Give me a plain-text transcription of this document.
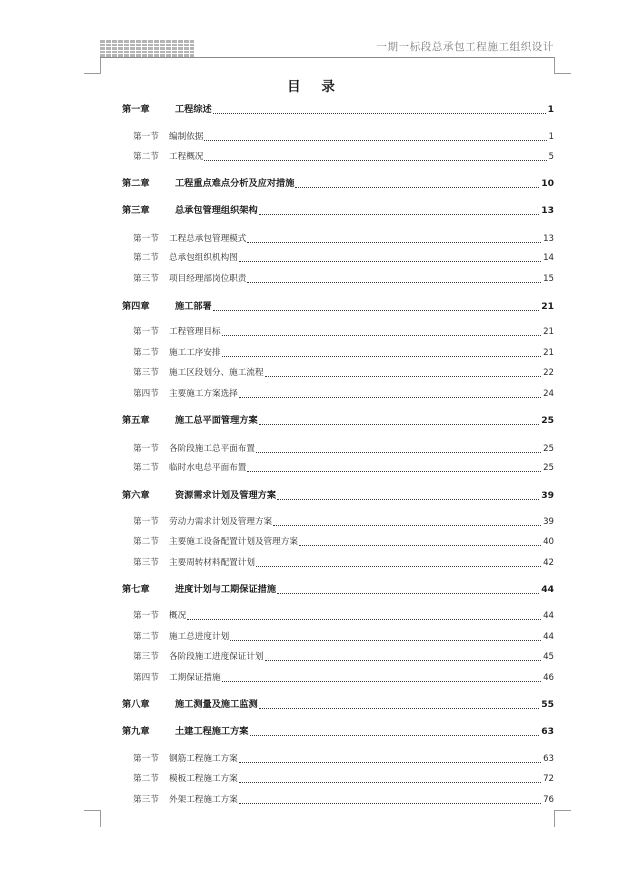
一期一标段总承包工程施工组织设计
目 录
第一章	工程综述	1
第一节	编制依据	1
第二节	工程概况	5
第二章	工程重点难点分析及应对措施	10
第三章	总承包管理组织架构	13
第一节	工程总承包管理模式	13
第二节	总承包组织机构图	14
第三节	项目经理部岗位职责	15
第四章	施工部署	21
第一节	工程管理目标	21
第二节	施工工序安排	21
第三节	施工区段划分、施工流程	22
第四节	主要施工方案选择	24
第五章	施工总平面管理方案	25
第一节	各阶段施工总平面布置	25
第二节	临时水电总平面布置	25
第六章	资源需求计划及管理方案	39
第一节	劳动力需求计划及管理方案	39
第二节	主要施工设备配置计划及管理方案	40
第三节	主要周转材料配置计划	42
第七章	进度计划与工期保证措施	44
第一节	概况	44
第二节	施工总进度计划	44
第三节	各阶段施工进度保证计划	45
第四节	工期保证措施	46
第八章	施工测量及施工监测	55
第九章	土建工程施工方案	63
第一节	钢筋工程施工方案	63
第二节	模板工程施工方案	72
第三节	外架工程施工方案	76
